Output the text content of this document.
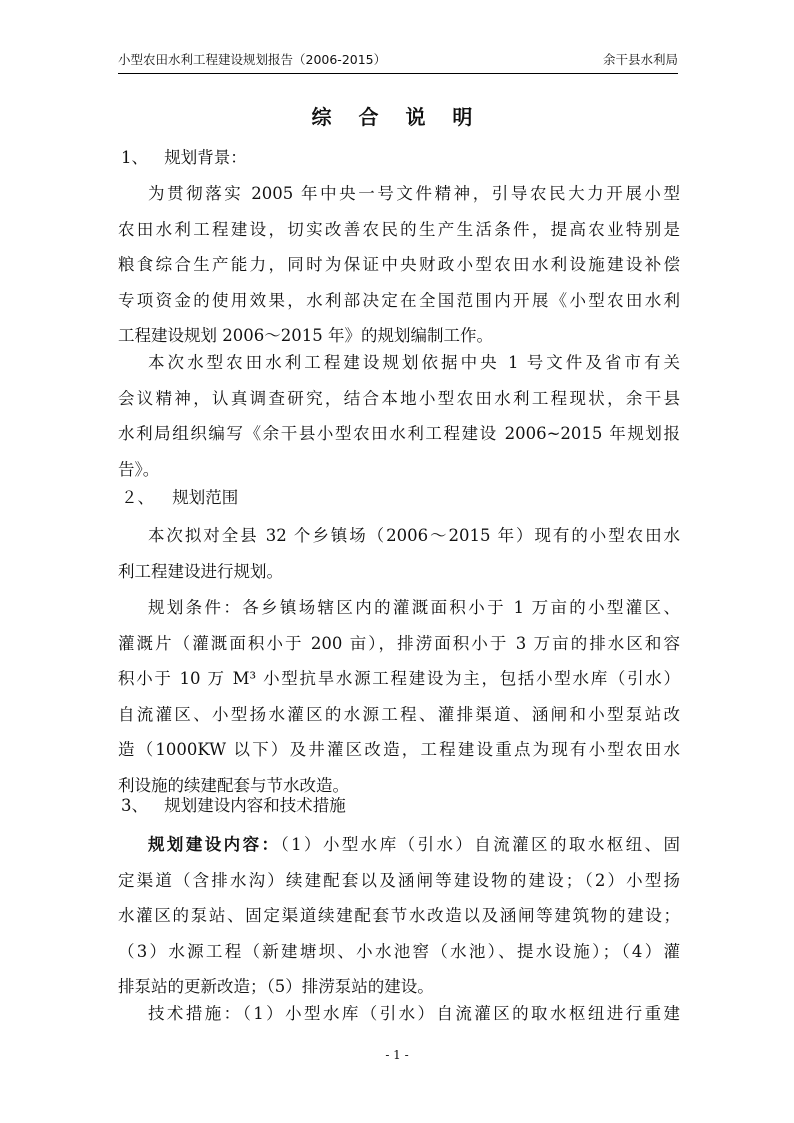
小型农田水利工程建设规划报告（2006-2015）	余干县水利局
综 合 说 明
1、 规划背景：
为贯彻落实 2005 年中央一号文件精神，引导农民大力开展小型
农田水利工程建设，切实改善农民的生产生活条件，提高农业特别是
粮食综合生产能力，同时为保证中央财政小型农田水利设施建设补偿
专项资金的使用效果，水利部决定在全国范围内开展《小型农田水利
工程建设规划 2006～2015 年》的规划编制工作。
本次水型农田水利工程建设规划依据中央 1 号文件及省市有关
会议精神，认真调查研究，结合本地小型农田水利工程现状，余干县
水利局组织编写《余干县小型农田水利工程建设 2006~2015 年规划报
告》。
２、 规划范围
本次拟对全县 32 个乡镇场（2006～2015 年）现有的小型农田水
利工程建设进行规划。
规划条件：各乡镇场辖区内的灌溉面积小于 1 万亩的小型灌区、
灌溉片（灌溉面积小于 200 亩），排涝面积小于 3 万亩的排水区和容
积小于 10 万 M³ 小型抗旱水源工程建设为主，包括小型水库（引水）
自流灌区、小型扬水灌区的水源工程、灌排渠道、涵闸和小型泵站改
造（1000KW 以下）及井灌区改造，工程建设重点为现有小型农田水
利设施的续建配套与节水改造。
3、 规划建设内容和技术措施
规划建设内容：（1）小型水库（引水）自流灌区的取水枢纽、固
定渠道（含排水沟）续建配套以及涵闸等建设物的建设；（2）小型扬
水灌区的泵站、固定渠道续建配套节水改造以及涵闸等建筑物的建设；
（3）水源工程（新建塘坝、小水池窖（水池）、提水设施）；（4）灌
排泵站的更新改造；（5）排涝泵站的建设。
技术措施：（1）小型水库（引水）自流灌区的取水枢纽进行重建
- 1 -
